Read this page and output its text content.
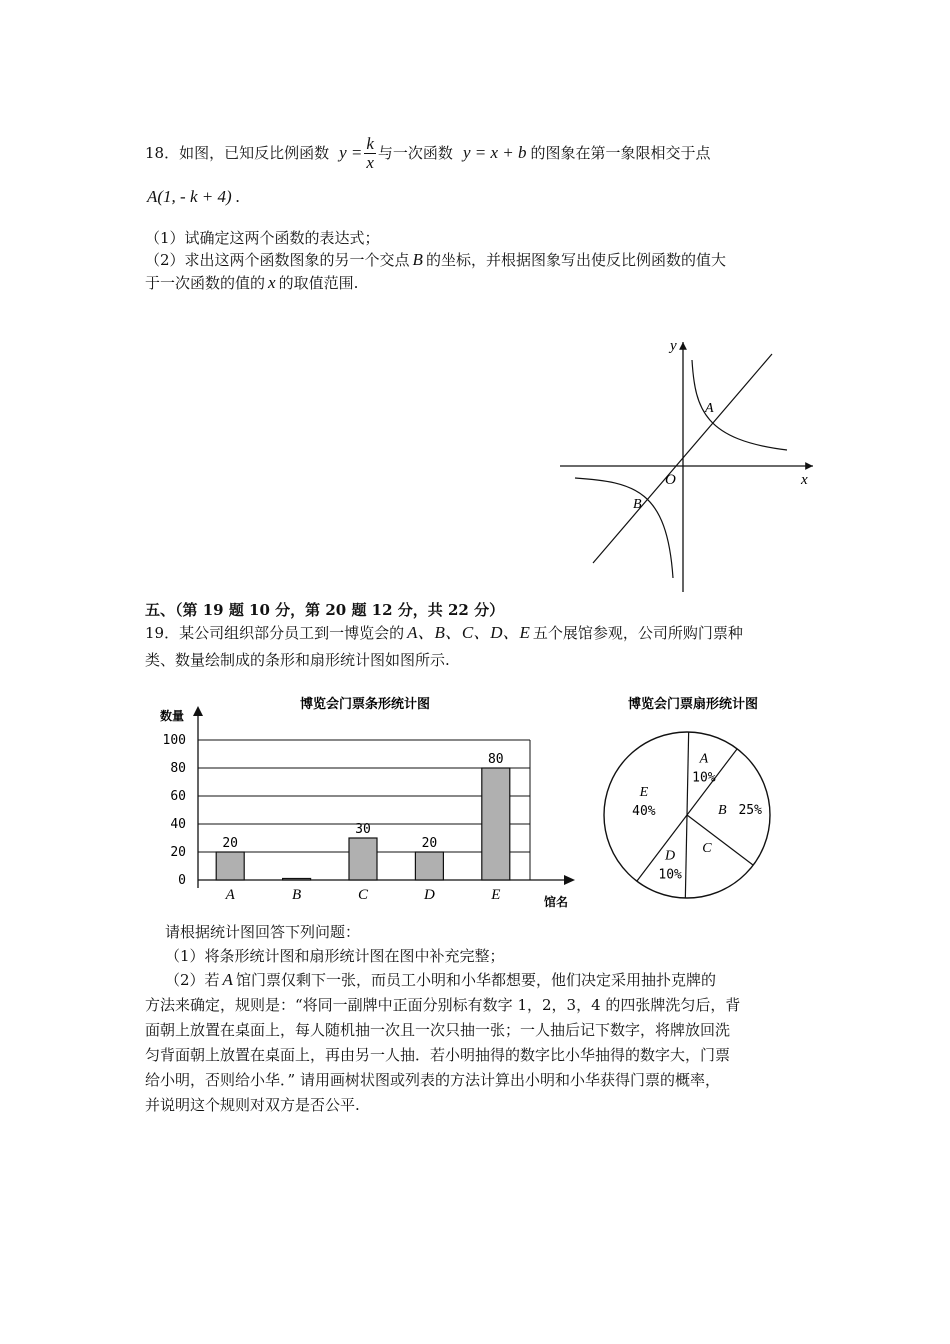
18．如图，已知反比例函数 $y = \frac{k}{x}$ 与一次函数 y = x + b 的图象在第一象限相交于点
A(1, - k + 4) .
（1）试确定这两个函数的表达式；
（2）求出这两个函数图象的另一个交点 B 的坐标，并根据图象写出使反比例函数的值大
于一次函数的值的 x 的取值范围.
y
x
O
A
B
五、（第 19 题 10 分，第 20 题 12 分，共 22 分）
19．某公司组织部分员工到一博览会的 A、B、C、D、E 五个展馆参观，公司所购门票种
类、数量绘制成的条形和扇形统计图如图所示.
博览会门票条形统计图
数量
馆名
0
20
40
60
80
100
20
A	B
30
C
20
D
80
E
博览会门票扇形统计图
A
10%
B 25%
C
D
10%
E
40%
请根据统计图回答下列问题：
（1）将条形统计图和扇形统计图在图中补充完整；
（2）若 A 馆门票仅剩下一张，而员工小明和小华都想要，他们决定采用抽扑克牌的
方法来确定，规则是：“将同一副牌中正面分别标有数字 1，2，3，4 的四张牌洗匀后，背
面朝上放置在桌面上，每人随机抽一次且一次只抽一张；一人抽后记下数字，将牌放回洗
匀背面朝上放置在桌面上，再由另一人抽．若小明抽得的数字比小华抽得的数字大，门票
给小明，否则给小华．” 请用画树状图或列表的方法计算出小明和小华获得门票的概率，
并说明这个规则对双方是否公平.
